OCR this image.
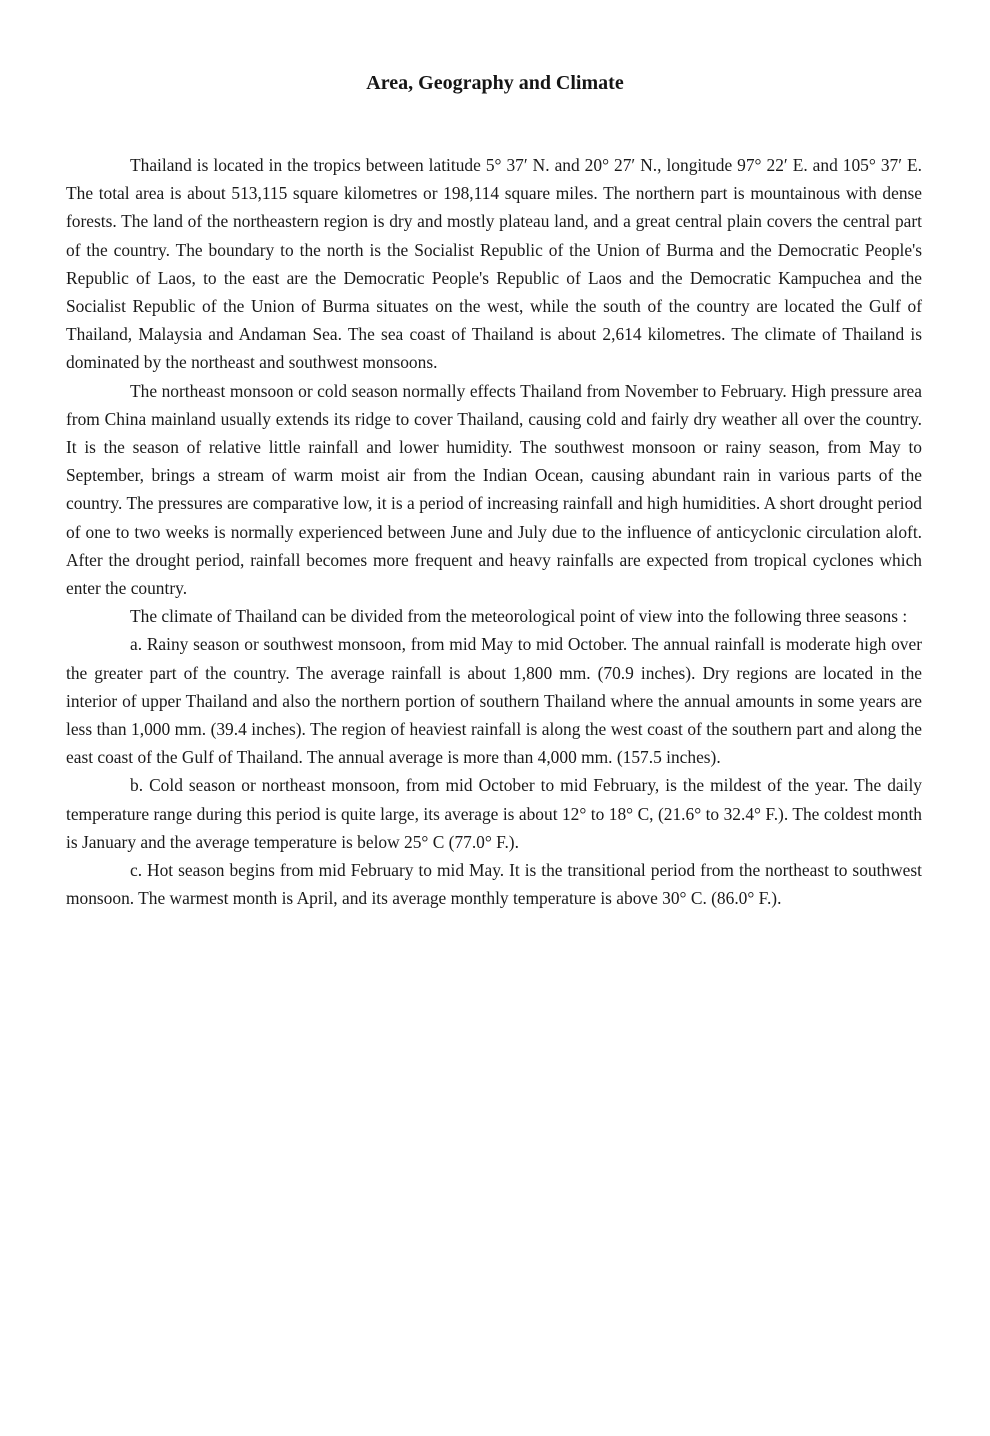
Area, Geography and Climate

Thailand is located in the tropics between latitude 5° 37′ N. and 20° 27′ N., longitude 97° 22′ E. and 105° 37′ E. The total area is about 513,115 square kilometres or 198,114 square miles. The northern part is mountainous with dense forests. The land of the northeastern region is dry and mostly plateau land, and a great central plain covers the central part of the country. The boundary to the north is the Socialist Republic of the Union of Burma and the Democratic People's Republic of Laos, to the east are the Democratic People's Republic of Laos and the Democratic Kampuchea and the Socialist Republic of the Union of Burma situates on the west, while the south of the country are located the Gulf of Thailand, Malaysia and Andaman Sea. The sea coast of Thailand is about 2,614 kilometres. The climate of Thailand is dominated by the northeast and southwest monsoons.

The northeast monsoon or cold season normally effects Thailand from November to February. High pressure area from China mainland usually extends its ridge to cover Thailand, causing cold and fairly dry weather all over the country. It is the season of relative little rainfall and lower humidity. The southwest monsoon or rainy season, from May to September, brings a stream of warm moist air from the Indian Ocean, causing abundant rain in various parts of the country. The pressures are comparative low, it is a period of increasing rainfall and high humidities. A short drought period of one to two weeks is normally experienced between June and July due to the influence of anticyclonic circulation aloft. After the drought period, rainfall becomes more frequent and heavy rainfalls are expected from tropical cyclones which enter the country.

The climate of Thailand can be divided from the meteorological point of view into the following three seasons :

a. Rainy season or southwest monsoon, from mid May to mid October. The annual rainfall is moderate high over the greater part of the country. The average rainfall is about 1,800 mm. (70.9 inches). Dry regions are located in the interior of upper Thailand and also the northern portion of southern Thailand where the annual amounts in some years are less than 1,000 mm. (39.4 inches). The region of heaviest rainfall is along the west coast of the southern part and along the east coast of the Gulf of Thailand. The annual average is more than 4,000 mm. (157.5 inches).

b. Cold season or northeast monsoon, from mid October to mid February, is the mildest of the year. The daily temperature range during this period is quite large, its average is about 12° to 18° C, (21.6° to 32.4° F.). The coldest month is January and the average temperature is below 25° C (77.0° F.).

c. Hot season begins from mid February to mid May. It is the transitional period from the northeast to southwest monsoon. The warmest month is April, and its average monthly temperature is above 30° C. (86.0° F.).
